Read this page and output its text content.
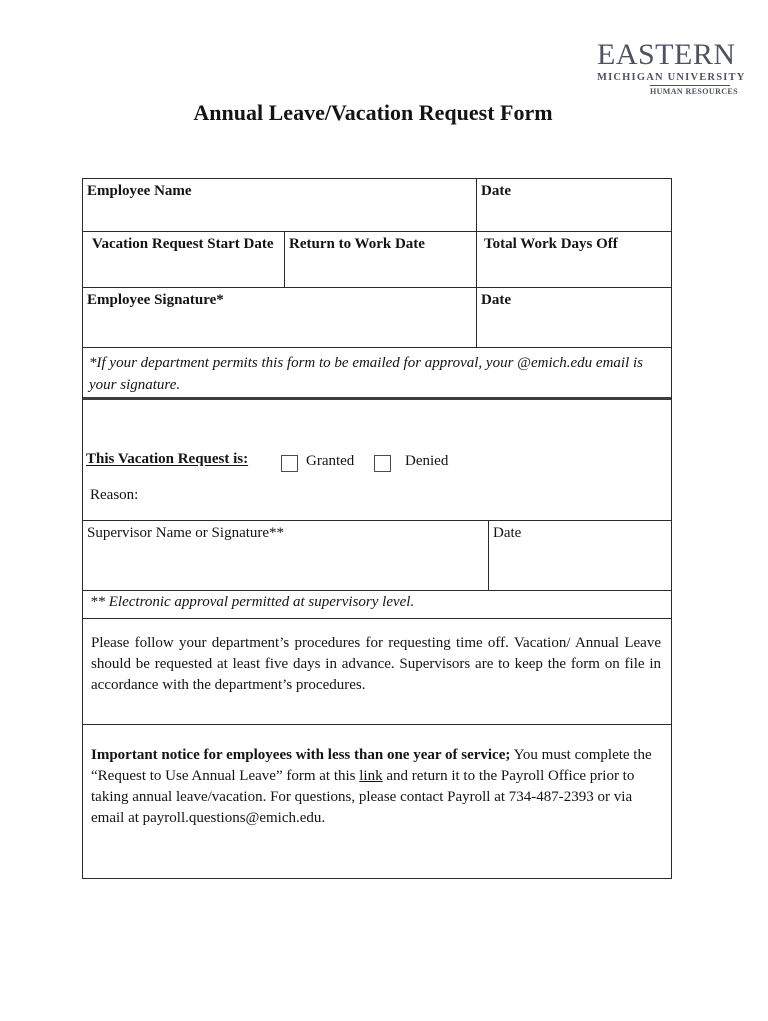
EASTERN
MICHIGAN UNIVERSITY
HUMAN RESOURCES
Annual Leave/Vacation Request Form
Employee Name	Date
Vacation Request Start Date	Return to Work Date	Total Work Days Off
Employee Signature*	Date
*If your department permits this form to be emailed for approval, your @emich.edu email is your signature.
This Vacation Request is:	Granted	Denied
Reason:
Supervisor Name or Signature**	Date
** Electronic approval permitted at supervisory level.
Please follow your department’s procedures for requesting time off. Vacation/ Annual Leave should be requested at least five days in advance. Supervisors are to keep the form on file in accordance with the department’s procedures.
Important notice for employees with less than one year of service; You must complete the “Request to Use Annual Leave” form at this link and return it to the Payroll Office prior to taking annual leave/vacation. For questions, please contact Payroll at 734-487-2393 or via email at payroll.questions@emich.edu.
